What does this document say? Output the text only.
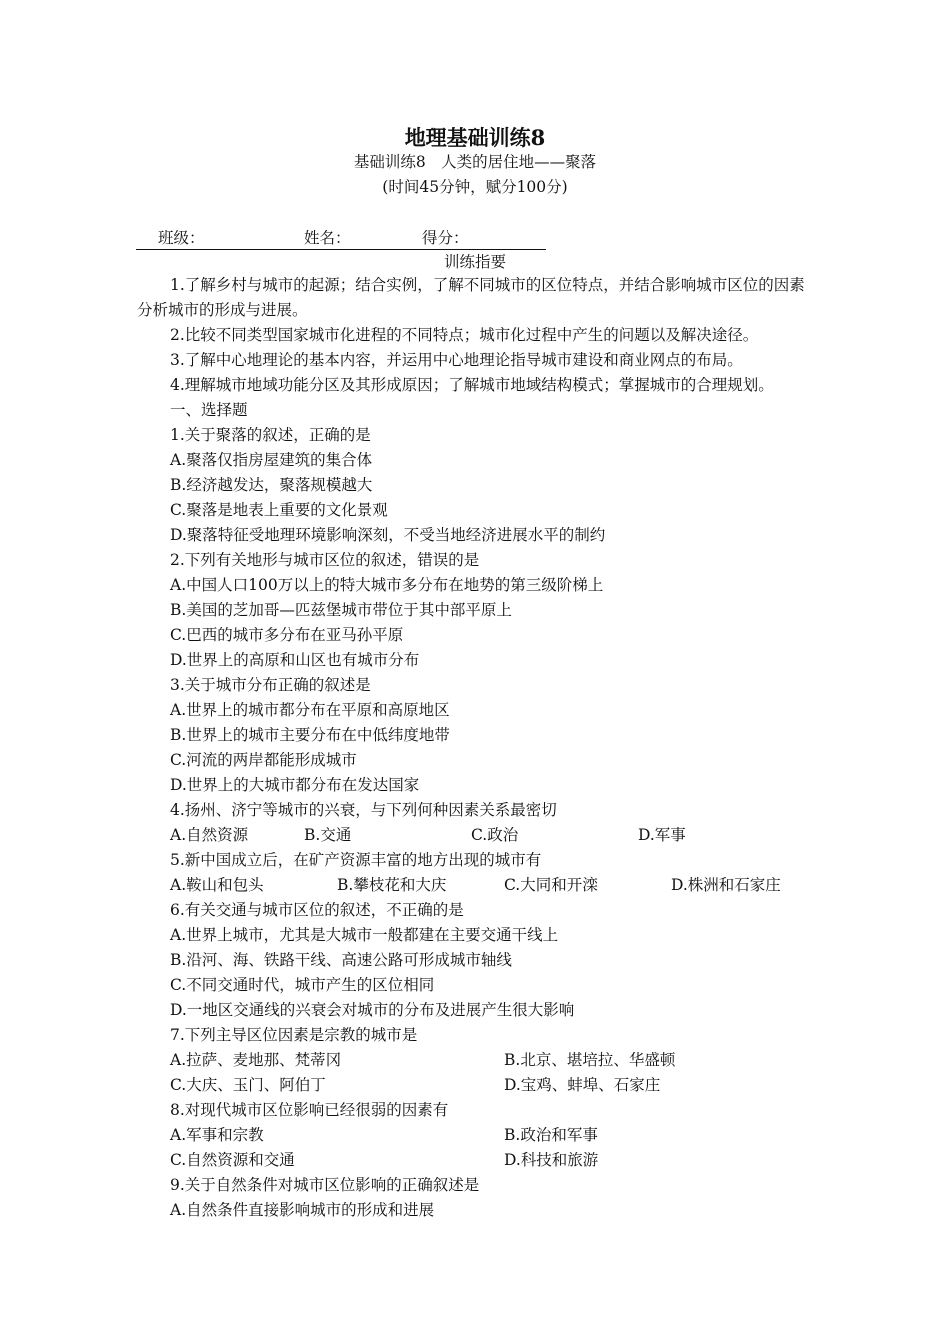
地理基础训练8
基础训练8　人类的居住地——聚落
(时间45分钟，赋分100分)
班级：	姓名：	得分：
训练指要

1.了解乡村与城市的起源；结合实例，了解不同城市的区位特点，并结合影响城市区位的因素分析城市的形成与进展。

2.比较不同类型国家城市化进程的不同特点；城市化过程中产生的问题以及解决途径。

3.了解中心地理论的基本内容，并运用中心地理论指导城市建设和商业网点的布局。

4.理解城市地域功能分区及其形成原因；了解城市地域结构模式；掌握城市的合理规划。

一、选择题
1.关于聚落的叙述，正确的是
A.聚落仅指房屋建筑的集合体
B.经济越发达，聚落规模越大
C.聚落是地表上重要的文化景观
D.聚落特征受地理环境影响深刻，不受当地经济进展水平的制约
2.下列有关地形与城市区位的叙述，错误的是
A.中国人口100万以上的特大城市多分布在地势的第三级阶梯上
B.美国的芝加哥—匹兹堡城市带位于其中部平原上
C.巴西的城市多分布在亚马孙平原
D.世界上的高原和山区也有城市分布
3.关于城市分布正确的叙述是
A.世界上的城市都分布在平原和高原地区
B.世界上的城市主要分布在中低纬度地带
C.河流的两岸都能形成城市
D.世界上的大城市都分布在发达国家
4.扬州、济宁等城市的兴衰，与下列何种因素关系最密切
A.自然资源	B.交通	C.政治	D.军事
5.新中国成立后，在矿产资源丰富的地方出现的城市有
A.鞍山和包头	B.攀枝花和大庆	C.大同和开滦	D.株洲和石家庄
6.有关交通与城市区位的叙述，不正确的是
A.世界上城市，尤其是大城市一般都建在主要交通干线上
B.沿河、海、铁路干线、高速公路可形成城市轴线
C.不同交通时代，城市产生的区位相同
D.一地区交通线的兴衰会对城市的分布及进展产生很大影响
7.下列主导区位因素是宗教的城市是
A.拉萨、麦地那、梵蒂冈	B.北京、堪培拉、华盛顿
C.大庆、玉门、阿伯丁	D.宝鸡、蚌埠、石家庄
8.对现代城市区位影响已经很弱的因素有
A.军事和宗教	B.政治和军事
C.自然资源和交通	D.科技和旅游
9.关于自然条件对城市区位影响的正确叙述是
A.自然条件直接影响城市的形成和进展
